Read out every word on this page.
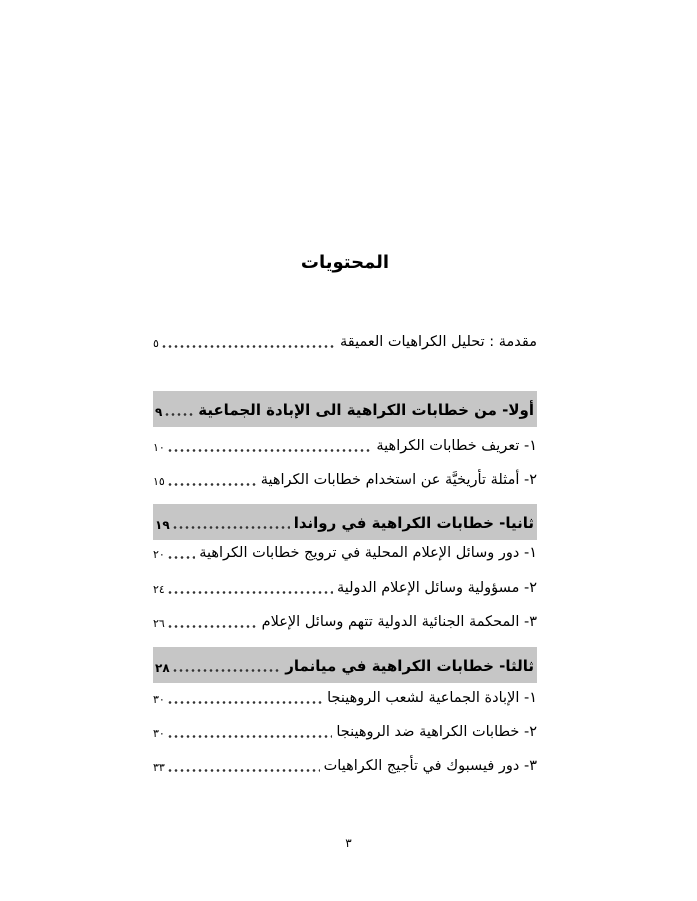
المحتويات
مقدمة : تحليل الكراهيات العميقة
٥
أولا- من خطابات الكراهية الى الإبادة الجماعية
٩
١- تعريف خطابات الكراهية
١٠
٢- أمثلة تأريخيَّة عن استخدام خطابات الكراهية
١٥
ثانيا- خطابات الكراهية في رواندا
١٩
١- دور وسائل الإعلام المحلية في ترويج خطابات الكراهية
٢٠
٢- مسؤولية وسائل الإعلام الدولية
٢٤
٣- المحكمة الجنائية الدولية تتهم وسائل الإعلام
٢٦
ثالثا- خطابات الكراهية في ميانمار
٢٨
١- الإبادة الجماعية لشعب الروهينجا
٣٠
٢- خطابات الكراهية ضد الروهينجا
٣٠
٣- دور فيسبوك في تأجيج الكراهيات
٣٣
٣
